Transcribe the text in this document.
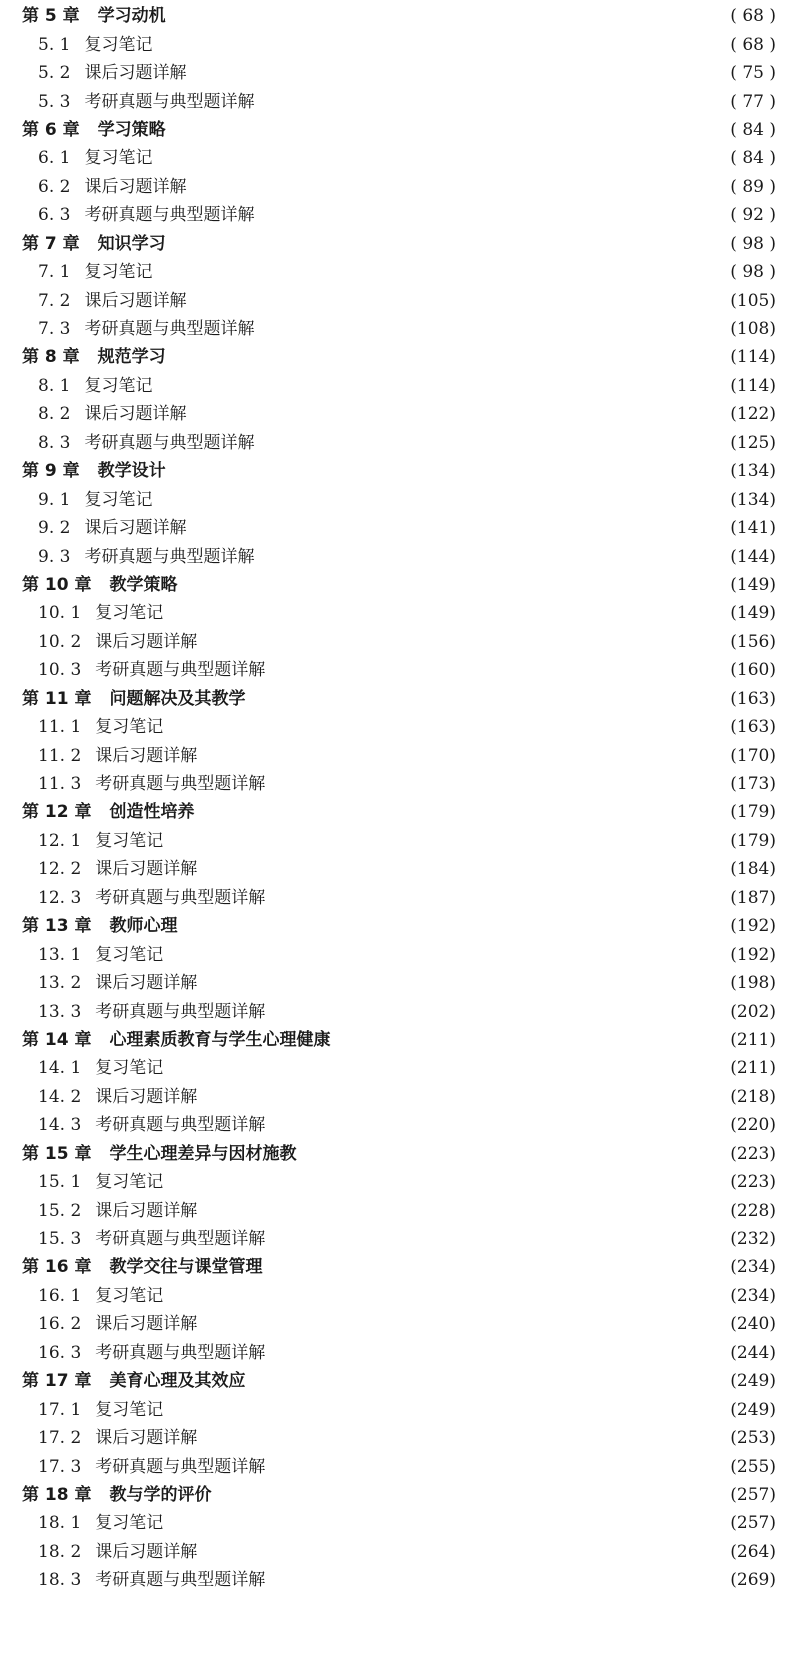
第 5 章 学习动机	( 68 )
5. 1 复习笔记	( 68 )
5. 2 课后习题详解	( 75 )
5. 3 考研真题与典型题详解	( 77 )
第 6 章 学习策略	( 84 )
6. 1 复习笔记	( 84 )
6. 2 课后习题详解	( 89 )
6. 3 考研真题与典型题详解	( 92 )
第 7 章 知识学习	( 98 )
7. 1 复习笔记	( 98 )
7. 2 课后习题详解	(105)
7. 3 考研真题与典型题详解	(108)
第 8 章 规范学习	(114)
8. 1 复习笔记	(114)
8. 2 课后习题详解	(122)
8. 3 考研真题与典型题详解	(125)
第 9 章 教学设计	(134)
9. 1 复习笔记	(134)
9. 2 课后习题详解	(141)
9. 3 考研真题与典型题详解	(144)
第 10 章 教学策略	(149)
10. 1 复习笔记	(149)
10. 2 课后习题详解	(156)
10. 3 考研真题与典型题详解	(160)
第 11 章 问题解决及其教学	(163)
11. 1 复习笔记	(163)
11. 2 课后习题详解	(170)
11. 3 考研真题与典型题详解	(173)
第 12 章 创造性培养	(179)
12. 1 复习笔记	(179)
12. 2 课后习题详解	(184)
12. 3 考研真题与典型题详解	(187)
第 13 章 教师心理	(192)
13. 1 复习笔记	(192)
13. 2 课后习题详解	(198)
13. 3 考研真题与典型题详解	(202)
第 14 章 心理素质教育与学生心理健康	(211)
14. 1 复习笔记	(211)
14. 2 课后习题详解	(218)
14. 3 考研真题与典型题详解	(220)
第 15 章 学生心理差异与因材施教	(223)
15. 1 复习笔记	(223)
15. 2 课后习题详解	(228)
15. 3 考研真题与典型题详解	(232)
第 16 章 教学交往与课堂管理	(234)
16. 1 复习笔记	(234)
16. 2 课后习题详解	(240)
16. 3 考研真题与典型题详解	(244)
第 17 章 美育心理及其效应	(249)
17. 1 复习笔记	(249)
17. 2 课后习题详解	(253)
17. 3 考研真题与典型题详解	(255)
第 18 章 教与学的评价	(257)
18. 1 复习笔记	(257)
18. 2 课后习题详解	(264)
18. 3 考研真题与典型题详解	(269)
